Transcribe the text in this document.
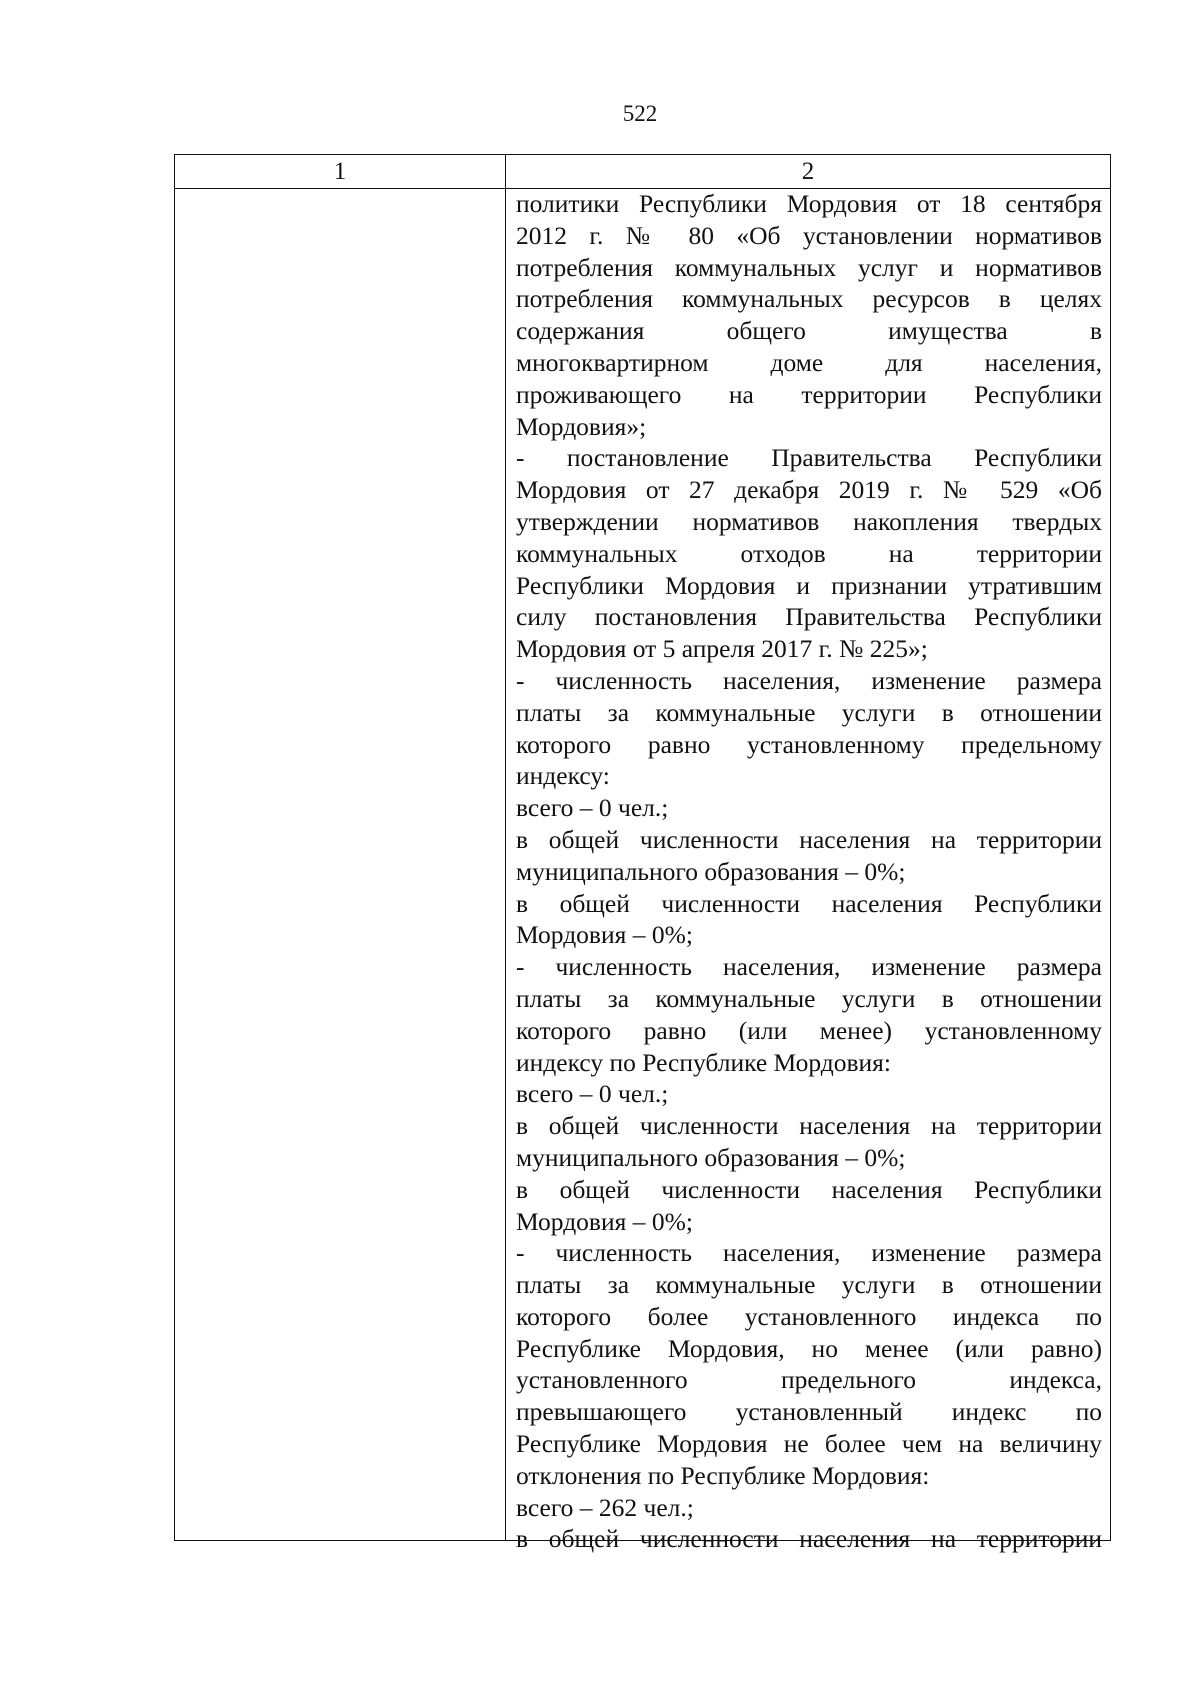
522
1	2
политики Республики Мордовия от 18 сентября
2012 г. № 80 «Об установлении нормативов
потребления коммунальных услуг и нормативов
потребления коммунальных ресурсов в целях
содержания общего имущества в
многоквартирном доме для населения,
проживающего на территории Республики
Мордовия»;
- постановление Правительства Республики
Мордовия от 27 декабря 2019 г. № 529 «Об
утверждении нормативов накопления твердых
коммунальных отходов на территории
Республики Мордовия и признании утратившим
силу постановления Правительства Республики
Мордовия от 5 апреля 2017 г. № 225»;
- численность населения, изменение размера
платы за коммунальные услуги в отношении
которого равно установленному предельному
индексу:
всего – 0 чел.;
в общей численности населения на территории
муниципального образования – 0%;
в общей численности населения Республики
Мордовия – 0%;
- численность населения, изменение размера
платы за коммунальные услуги в отношении
которого равно (или менее) установленному
индексу по Республике Мордовия:
всего – 0 чел.;
в общей численности населения на территории
муниципального образования – 0%;
в общей численности населения Республики
Мордовия – 0%;
- численность населения, изменение размера
платы за коммунальные услуги в отношении
которого более установленного индекса по
Республике Мордовия, но менее (или равно)
установленного предельного индекса,
превышающего установленный индекс по
Республике Мордовия не более чем на величину
отклонения по Республике Мордовия:
всего – 262 чел.;
в общей численности населения на территории
